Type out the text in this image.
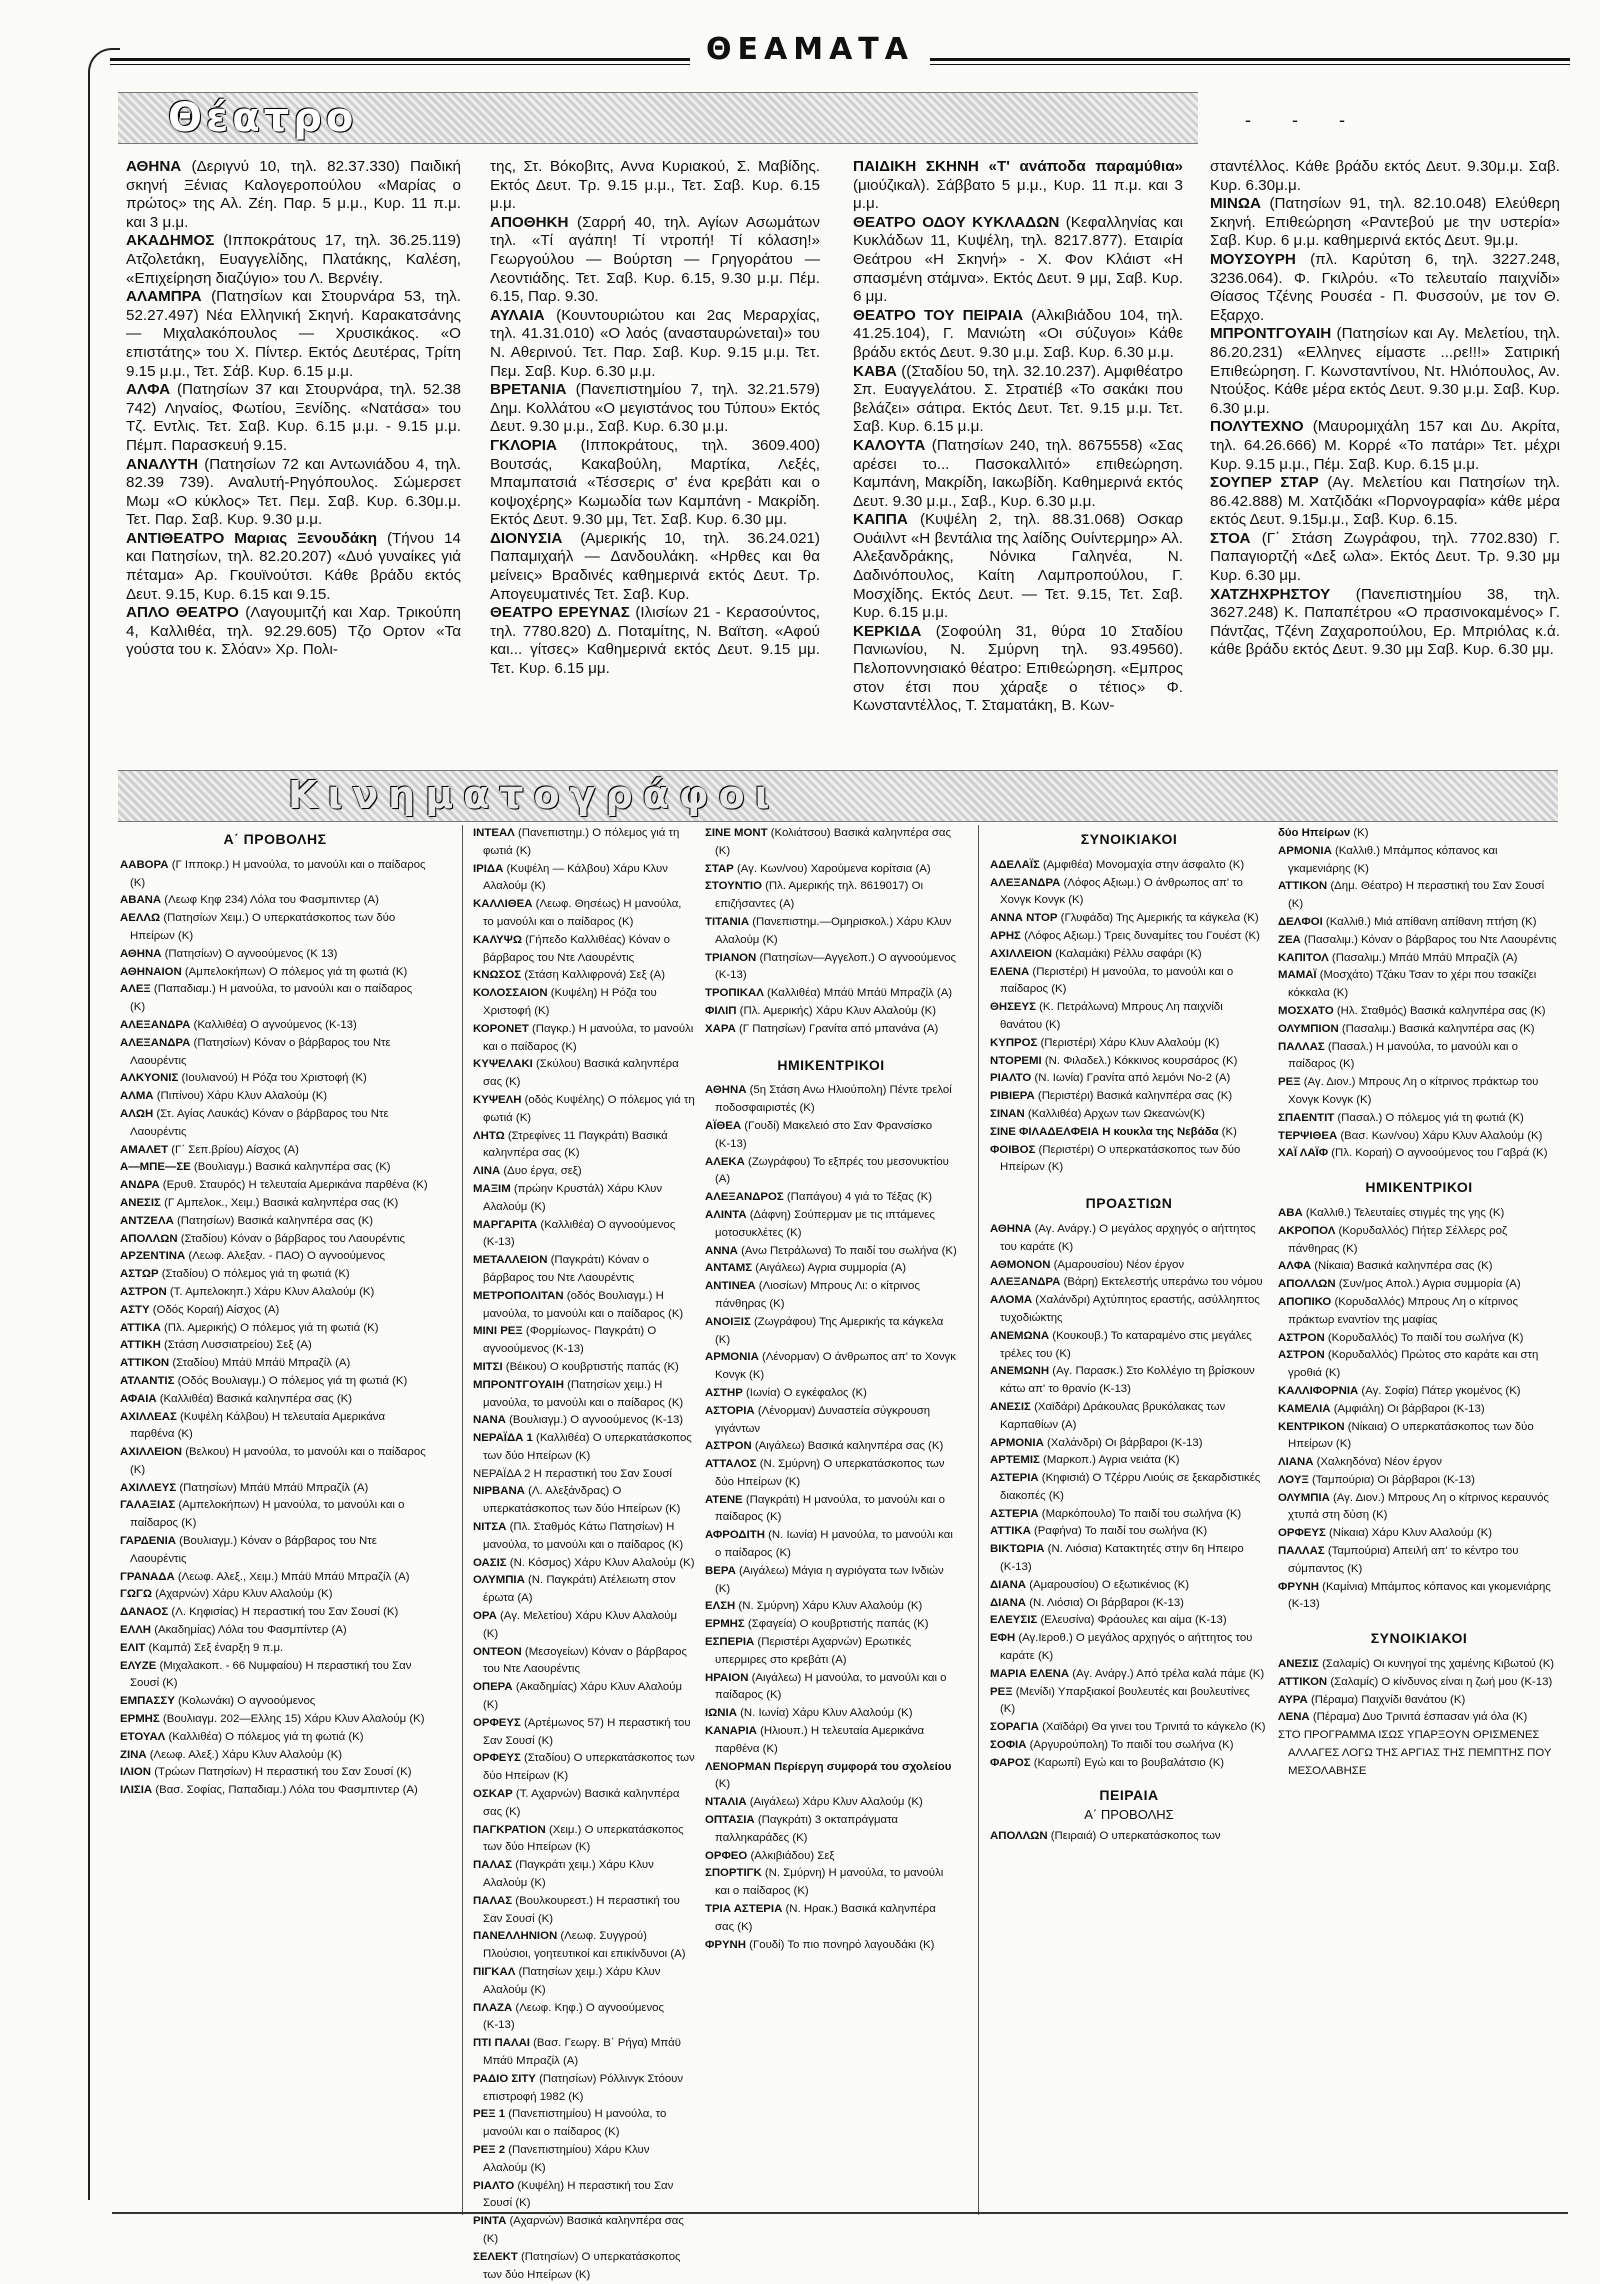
ΘΕΑΜΑΤΑ
Θέατρο	- - -

ΑΘΗΝΑ (Δεριγνύ 10, τηλ. 82.37.330) Παιδική σκηνή Ξένιας Καλογεροπούλου «Μαρίας ο πρώτος» της Αλ. Ζέη. Παρ. 5 μ.μ., Κυρ. 11 π.μ. και 3 μ.μ.

ΑΚΑΔΗΜΟΣ (Ιπποκράτους 17, τηλ. 36.25.119) Ατζολετάκη, Ευαγγελίδης, Πλατάκης, Καλέση, «Επιχείρηση διαζύγιο» του Λ. Βερνέιγ.

ΑΛΑΜΠΡΑ (Πατησίων και Στουρνάρα 53, τηλ. 52.27.497) Νέα Ελληνική Σκηνή. Καρακατσάνης — Μιχαλακόπουλος — Χρυσικάκος. «Ο επιστάτης» του Χ. Πίντερ. Εκτός Δευτέρας, Τρίτη 9.15 μ.μ., Τετ. Σάβ. Κυρ. 6.15 μ.μ.

ΑΛΦΑ (Πατησίων 37 και Στουρνάρα, τηλ. 52.38 742) Ληναίος, Φωτίου, Ξενίδης. «Νατάσα» του Τζ. Εντλις. Τετ. Σαβ. Κυρ. 6.15 μ.μ. - 9.15 μ.μ. Πέμπ. Παρασκευή 9.15.

ΑΝΑΛΥΤΗ (Πατησίων 72 και Αντωνιάδου 4, τηλ. 82.39 739). Αναλυτή-Ρηγόπουλος. Σώμερσετ Μωμ «Ο κύκλος» Τετ. Πεμ. Σαβ. Κυρ. 6.30μ.μ. Τετ. Παρ. Σαβ. Κυρ. 9.30 μ.μ.

ΑΝΤΙΘΕΑΤΡΟ Μαριας Ξενουδάκη (Τήνου 14 και Πατησίων, τηλ. 82.20.207) «Δυό γυναίκες γιά πέταμα» Αρ. Γκουϊνούτσι. Κάθε βράδυ εκτός Δευτ. 9.15, Κυρ. 6.15 και 9.15.

ΑΠΛΟ ΘΕΑΤΡΟ (Λαγουμιτζή και Χαρ. Τρικούπη 4, Καλλιθέα, τηλ. 92.29.605) Τζο Ορτον «Τα γούστα του κ. Σλόαν» Χρ. Πολι-

της, Στ. Βόκοβιτς, Αννα Κυριακού, Σ. Μαβίδης. Εκτός Δευτ. Τρ. 9.15 μ.μ., Τετ. Σαβ. Κυρ. 6.15 μ.μ.

ΑΠΟΘΗΚΗ (Σαρρή 40, τηλ. Αγίων Ασωμάτων τηλ. «Τί αγάπη! Τί ντροπή! Τί κόλαση!» Γεωργούλου — Βούρτση — Γρηγοράτου — Λεοντιάδης. Τετ. Σαβ. Κυρ. 6.15, 9.30 μ.μ. Πέμ. 6.15, Παρ. 9.30.

ΑΥΛΑΙΑ (Κουντουριώτου και 2ας Μεραρχίας, τηλ. 41.31.010) «Ο λαός (ανασταυρώνεται)» του Ν. Αθερινού. Τετ. Παρ. Σαβ. Κυρ. 9.15 μ.μ. Τετ. Πεμ. Σαβ. Κυρ. 6.30 μ.μ.

ΒΡΕΤΑΝΙΑ (Πανεπιστημίου 7, τηλ. 32.21.579) Δημ. Κολλάτου «Ο μεγιστάνος του Τύπου» Εκτός Δευτ. 9.30 μ.μ., Σαβ. Κυρ. 6.30 μ.μ.

ΓΚΛΟΡΙΑ (Ιπποκράτους, τηλ. 3609.400) Βουτσάς, Κακαβούλη, Μαρτίκα, Λεξές, Μπαμπατσιά «Τέσσερις σ' ένα κρεβάτι και ο κοψοχέρης» Κωμωδία των Καμπάνη - Μακρίδη. Εκτός Δευτ. 9.30 μμ, Τετ. Σαβ. Κυρ. 6.30 μμ.

ΔΙΟΝΥΣΙΑ (Αμερικής 10, τηλ. 36.24.021) Παπαμιχαήλ — Δανδουλάκη. «Ηρθες και θα μείνεις» Βραδινές καθημερινά εκτός Δευτ. Τρ. Απογευματινές Τετ. Σαβ. Κυρ.

ΘΕΑΤΡΟ ΕΡΕΥΝΑΣ (Ιλισίων 21 - Κερασούντος, τηλ. 7780.820) Δ. Ποταμίτης, Ν. Βαϊτση. «Αφού και... γίτσες» Καθημερινά εκτός Δευτ. 9.15 μμ. Τετ. Κυρ. 6.15 μμ.

ΠΑΙΔΙΚΗ ΣΚΗΝΗ «Τ' ανάποδα παραμύθια» (μιούζικαλ). Σάββατο 5 μ.μ., Κυρ. 11 π.μ. και 3 μ.μ.

ΘΕΑΤΡΟ ΟΔΟΥ ΚΥΚΛΑΔΩΝ (Κεφαλληνίας και Κυκλάδων 11, Κυψέλη, τηλ. 8217.877). Εταιρία Θεάτρου «Η Σκηνή» - Χ. Φον Κλάιστ «Η σπασμένη στάμνα». Εκτός Δευτ. 9 μμ, Σαβ. Κυρ. 6 μμ.

ΘΕΑΤΡΟ ΤΟΥ ΠΕΙΡΑΙΑ (Αλκιβιάδου 104, τηλ. 41.25.104), Γ. Μανιώτη «Οι σύζυγοι» Κάθε βράδυ εκτός Δευτ. 9.30 μ.μ. Σαβ. Κυρ. 6.30 μ.μ.

ΚΑΒΑ ((Σταδίου 50, τηλ. 32.10.237). Αμφιθέατρο Σπ. Ευαγγελάτου. Σ. Στρατιέβ «Το σακάκι που βελάζει» σάτιρα. Εκτός Δευτ. Τετ. 9.15 μ.μ. Τετ. Σαβ. Κυρ. 6.15 μ.μ.

ΚΑΛΟΥΤΑ (Πατησίων 240, τηλ. 8675558) «Σας αρέσει το... Πασοκαλλιτό» επιθεώρηση. Καμπάνη, Μακρίδη, Ιακωβίδη. Καθημερινά εκτός Δευτ. 9.30 μ.μ., Σαβ., Κυρ. 6.30 μ.μ.

ΚΑΠΠΑ (Κυψέλη 2, τηλ. 88.31.068) Οσκαρ Ουάιλντ «Η βεντάλια της λαίδης Ουίντερμηρ» Αλ. Αλεξανδράκης, Νόνικα Γαληνέα, Ν. Δαδινόπουλος, Καίτη Λαμπροπούλου, Γ. Μοσχίδης. Εκτός Δευτ. — Τετ. 9.15, Τετ. Σαβ. Κυρ. 6.15 μ.μ.

ΚΕΡΚΙΔΑ (Σοφούλη 31, θύρα 10 Σταδίου Πανιωνίου, Ν. Σμύρνη τηλ. 93.49560). Πελοποννησιακό θέατρο: Επιθεώρηση. «Εμπρος στον έτσι που χάραξε ο τέτιος» Φ. Κωνσταντέλλος, Τ. Σταματάκη, Β. Κων-

σταντέλλος. Κάθε βράδυ εκτός Δευτ. 9.30μ.μ. Σαβ. Κυρ. 6.30μ.μ.

ΜΙΝΩΑ (Πατησίων 91, τηλ. 82.10.048) Ελεύθερη Σκηνή. Επιθεώρηση «Ραντεβού με την υστερία» Σαβ. Κυρ. 6 μ.μ. καθημερινά εκτός Δευτ. 9μ.μ.

ΜΟΥΣΟΥΡΗ (πλ. Καρύτση 6, τηλ. 3227.248, 3236.064). Φ. Γκιλρόυ. «Το τελευταίο παιχνίδι» Θίασος Τζένης Ρουσέα - Π. Φυσσούν, με τον Θ. Εξαρχο.

ΜΠΡΟΝΤΓΟΥΑΙΗ (Πατησίων και Αγ. Μελετίου, τηλ. 86.20.231) «Ελληνες είμαστε ...ρε!!!» Σατιρική Επιθεώρηση. Γ. Κωνσταντίνου, Ντ. Ηλιόπουλος, Αν. Ντούξος. Κάθε μέρα εκτός Δευτ. 9.30 μ.μ. Σαβ. Κυρ. 6.30 μ.μ.

ΠΟΛΥΤΕΧΝΟ (Μαυρομιχάλη 157 και Δυ. Ακρίτα, τηλ. 64.26.666) Μ. Κορρέ «Το πατάρι» Τετ. μέχρι Κυρ. 9.15 μ.μ., Πέμ. Σαβ. Κυρ. 6.15 μ.μ.

ΣΟΥΠΕΡ ΣΤΑΡ (Αγ. Μελετίου και Πατησίων τηλ. 86.42.888) Μ. Χατζιδάκι «Πορνογραφία» κάθε μέρα εκτός Δευτ. 9.15μ.μ., Σαβ. Κυρ. 6.15.

ΣΤΟΑ (Γ΄ Στάση Ζωγράφου, τηλ. 7702.830) Γ. Παπαγιορτζή «Δεξ ωλα». Εκτός Δευτ. Τρ. 9.30 μμ Κυρ. 6.30 μμ.

ΧΑΤΖΗΧΡΗΣΤΟΥ (Πανεπιστημίου 38, τηλ. 3627.248) Κ. Παπαπέτρου «Ο πρασινοκαμένος» Γ. Πάντζας, Τζένη Ζαχαροπούλου, Ερ. Μπριόλας κ.ά. κάθε βράδυ εκτός Δευτ. 9.30 μμ Σαβ. Κυρ. 6.30 μμ.

Κινηματογράφοι

Α΄ ΠΡΟΒΟΛΗΣ

ΑΑΒΟΡΑ (Γ Ιπποκρ.) Η μανούλα, το μανούλι και ο παίδαρος (Κ)

ΑΒΑΝΑ (Λεωφ Κηφ 234) Λόλα του Φασμπιντερ (Α)

ΑΕΛΛΩ (Πατησίων Χειμ.) Ο υπερκατάσκοπος των δύο Ηπείρων (Κ)

ΑΘΗΝΑ (Πατησίων) Ο αγνοούμενος (Κ 13)

ΑΘΗΝΑΙΟΝ (Αμπελοκήπων) Ο πόλεμος γιά τη φωτιά (Κ)

ΑΛΕΞ (Παπαδιαμ.) Η μανούλα, το μανούλι και ο παίδαρος (Κ)

ΑΛΕΞΑΝΔΡΑ (Καλλιθέα) Ο αγνούμενος (Κ-13)

ΑΛΕΞΑΝΔΡΑ (Πατησίων) Κόναν ο βάρβαρος του Ντε Λαουρέντις

ΑΛΚΥΟΝΙΣ (Ιουλιανού) Η Ρόζα του Χριστοφή (Κ)

ΑΛΜΑ (Πιπίνου) Χάρυ Κλυν Αλαλούμ (Κ)

ΑΛΩΗ (Στ. Αγίας Λαυκάς) Κόναν ο βάρβαρος του Ντε Λαουρέντις

ΑΜΑΛΕΤ (Γ΄ Σεπ.βρίου) Αίσχος (Α)

Α—ΜΠΕ—ΣΕ (Βουλιαγμ.) Βασικά καληνπέρα σας (Κ)

ΑΝΔΡΑ (Ερυθ. Σταυρός) Η τελευταία Αμερικάνα παρθένα (Κ)

ΑΝΕΣΙΣ (Γ Αμπελοκ., Χειμ.) Βασικά καληνπέρα σας (Κ)

ΑΝΤΖΕΛΑ (Πατησίων) Βασικά καληνπέρα σας (Κ)

ΑΠΟΛΛΩΝ (Σταδίου) Κόναν ο βάρβαρος του Λαουρέντις

ΑΡΖΕΝΤΙΝΑ (Λεωφ. Αλεξαν. - ΠΑΟ) Ο αγνοούμενος

ΑΣΤΩΡ (Σταδίου) Ο πόλεμος γιά τη φωτιά (Κ)

ΑΣΤΡΟΝ (Τ. Αμπελοκηπ.) Χάρυ Κλυν Αλαλούμ (Κ)

ΑΣΤΥ (Οδός Κοραή) Αίσχος (Α)

ΑΤΤΙΚΑ (Πλ. Αμερικής) Ο πόλεμος γιά τη φωτιά (Κ)

ΑΤΤΙΚΗ (Στάση Λυσσιατρείου) Σεξ (Α)

ΑΤΤΙΚΟΝ (Σταδίου) Μπάϋ Μπάϋ Μπραζίλ (Α)

ΑΤΛΑΝΤΙΣ (Οδός Βουλιαγμ.) Ο πόλεμος γιά τη φωτιά (Κ)

ΑΦΑΙΑ (Καλλιθέα) Βασικά καληνπέρα σας (Κ)

ΑΧΙΛΛΕΑΣ (Κυψέλη Κάλβου) Η τελευταία Αμερικάνα παρθένα (Κ)

ΑΧΙΛΛΕΙΟΝ (Βελκου) Η μανούλα, το μανούλι και ο παίδαρος (Κ)

ΑΧΙΛΛΕΥΣ (Πατησίων) Μπάϋ Μπάϋ Μπραζίλ (Α)

ΓΑΛΑΞΙΑΣ (Αμπελοκήπων) Η μανούλα, το μανούλι και ο παίδαρος (Κ)

ΓΑΡΔΕΝΙΑ (Βουλιαγμ.) Κόναν ο βάρβαρος του Ντε Λαουρέντις

ΓΡΑΝΑΔΑ (Λεωφ. Αλεξ., Χειμ.) Μπάϋ Μπάϋ Μπραζίλ (Α)

ΓΩΓΩ (Αχαρνών) Χάρυ Κλυν Αλαλούμ (Κ)

ΔΑΝΑΟΣ (Λ. Κηφισίας) Η περαστική του Σαν Σουσί (Κ)

ΕΛΛΗ (Ακαδημίας) Λόλα του Φασμπίντερ (Α)

ΕΛΙΤ (Καμπά) Σεξ έναρξη 9 π.μ.

ΕΛΥΖΕ (Μιχαλακοπ. - 66 Νυμφαίου) Η περαστική του Σαν Σουσί (Κ)

ΕΜΠΑΣΣΥ (Κολωνάκι) Ο αγνοούμενος

ΕΡΜΗΣ (Βουλιαγμ. 202—Ελλης 15) Χάρυ Κλυν Αλαλούμ (Κ)

ΕΤΟΥΑΛ (Καλλιθέα) Ο πόλεμος γιά τη φωτιά (Κ)

ΖΙΝΑ (Λεωφ. Αλεξ.) Χάρυ Κλυν Αλαλούμ (Κ)

ΙΛΙΟΝ (Τρώων Πατησίων) Η περαστική του Σαν Σουσί (Κ)

ΙΛΙΣΙΑ (Βασ. Σοφίας, Παπαδιαμ.) Λόλα του Φασμπιντερ (Α)

ΙΝΤΕΑΛ (Πανεπιστημ.) Ο πόλεμος γιά τη φωτιά (Κ)

ΙΡΙΔΑ (Κυψέλη — Κάλβου) Χάρυ Κλυν Αλαλούμ (Κ)

ΚΑΛΛΙΘΕΑ (Λεωφ. Θησέως) Η μανούλα, το μανούλι και ο παίδαρος (Κ)

ΚΑΛΥΨΩ (Γήπεδο Καλλιθέας) Κόναν ο βάρβαρος του Ντε Λαουρέντις

ΚΝΩΣΟΣ (Στάση Καλλιφρονά) Σεξ (Α)

ΚΟΛΟΣΣΑΙΟΝ (Κυψέλη) Η Ρόζα του Χριστοφή (Κ)

ΚΟΡΟΝΕΤ (Παγκρ.) Η μανούλα, το μανούλι και ο παίδαρος (Κ)

ΚΥΨΕΛΑΚΙ (Σκύλου) Βασικά καληνπέρα σας (Κ)

ΚΥΨΕΛΗ (οδός Κυψέλης) Ο πόλεμος γιά τη φωτιά (Κ)

ΛΗΤΩ (Στρεφίνες 11 Παγκράτι) Βασικά καληνπέρα σας (Κ)

ΛΙΝΑ (Δυο έργα, σεξ)

ΜΑΞΙΜ (πρώην Κρυστάλ) Χάρυ Κλυν Αλαλούμ (Κ)

ΜΑΡΓΑΡΙΤΑ (Καλλιθέα) Ο αγνοούμενος (Κ-13)

ΜΕΤΑΛΛΕΙΟΝ (Παγκράτι) Κόναν ο βάρβαρος του Ντε Λαουρέντις

ΜΕΤΡΟΠΟΛΙΤΑΝ (οδός Βουλιαγμ.) Η μανούλα, το μανούλι και ο παίδαρος (Κ)

ΜΙΝΙ ΡΕΞ (Φορμίωνος- Παγκράτι) Ο αγνοούμενος (Κ-13)

ΜΙΤΣΙ (Βέικου) Ο κουβρτιστής παπάς (Κ)

ΜΠΡΟΝΤΓΟΥΑΙΗ (Πατησίων χειμ.) Η μανούλα, το μανούλι και ο παίδαρος (Κ)

ΝΑΝΑ (Βουλιαγμ.) Ο αγνοούμενος (Κ-13)

ΝΕΡΑΪΔΑ 1 (Καλλιθέα) Ο υπερκατάσκοπος των δύο Ηπείρων (Κ)

ΝΕΡΑΪΔΑ 2 Η περαστική του Σαν Σουσί

ΝΙΡΒΑΝΑ (Λ. Αλεξάνδρας) Ο υπερκατάσκοπος των δύο Ηπείρων (Κ)

ΝΙΤΣΑ (Πλ. Σταθμός Κάτω Πατησίων) Η μανούλα, το μανούλι και ο παίδαρος (Κ)

ΟΑΣΙΣ (Ν. Κόσμος) Χάρυ Κλυν Αλαλούμ (Κ)

ΟΛΥΜΠΙΑ (Ν. Παγκράτι) Ατέλειωτη στον έρωτα (Α)

ΟΡΑ (Αγ. Μελετίου) Χάρυ Κλυν Αλαλούμ (Κ)

ΟΝΤΕΟΝ (Μεσογείων) Κόναν ο βάρβαρος του Ντε Λαουρέντις

ΟΠΕΡΑ (Ακαδημίας) Χάρυ Κλυν Αλαλούμ (Κ)

ΟΡΦΕΥΣ (Αρτέμωνος 57) Η περαστική του Σαν Σουσί (Κ)

ΟΡΦΕΥΣ (Σταδίου) Ο υπερκατάσκοπος των δύο Ηπείρων (Κ)

ΟΣΚΑΡ (Τ. Αχαρνών) Βασικά καληνπέρα σας (Κ)

ΠΑΓΚΡΑΤΙΟΝ (Χειμ.) Ο υπερκατάσκοπος των δύο Ηπείρων (Κ)

ΠΑΛΑΣ (Παγκράτι χειμ.) Χάρυ Κλυν Αλαλούμ (Κ)

ΠΑΛΑΣ (Βουλκουρεστ.) Η περαστική του Σαν Σουσί (Κ)

ΠΑΝΕΛΛΗΝΙΟΝ (Λεωφ. Συγγρού) Πλούσιοι, γοητευτικοί και επικίνδυνοι (Α)

ΠΙΓΚΑΛ (Πατησίων χειμ.) Χάρυ Κλυν Αλαλούμ (Κ)

ΠΛΑΖΑ (Λεωφ. Κηφ.) Ο αγνοούμενος (Κ-13)

ΠΤΙ ΠΑΛΑΙ (Βασ. Γεωργ. Β΄ Ρήγα) Μπάϋ Μπάϋ Μπραζίλ (Α)

ΡΑΔΙΟ ΣΙΤΥ (Πατησίων) Ρόλλινγκ Στόουν επιστροφή 1982 (Κ)

ΡΕΞ 1 (Πανεπιστημίου) Η μανούλα, το μανούλι και ο παίδαρος (Κ)

ΡΕΞ 2 (Πανεπιστημίου) Χάρυ Κλυν Αλαλούμ (Κ)

ΡΙΑΛΤΟ (Κυψέλη) Η περαστική του Σαν Σουσί (Κ)

ΡΙΝΤΑ (Αχαρνών) Βασικά καληνπέρα σας (Κ)

ΣΕΛΕΚΤ (Πατησίων) Ο υπερκατάσκοπος των δύο Ηπείρων (Κ)

ΣΙΝΕ ΜΟΝΤ (Κολιάτσου) Βασικά καληνπέρα σας (Κ)

ΣΤΑΡ (Αγ. Κων/νου) Χαρούμενα κορίτσια (Α)

ΣΤΟΥΝΤΙΟ (Πλ. Αμερικής τηλ. 8619017) Οι επιζήσαντες (Α)

ΤΙΤΑΝΙΑ (Πανεπιστημ.—Ομηρισκολ.) Χάρυ Κλυν Αλαλούμ (Κ)

ΤΡΙΑΝΟΝ (Πατησίων—Αγγελοπ.) Ο αγνοούμενος (Κ-13)

ΤΡΟΠΙΚΑΛ (Καλλιθέα) Μπάϋ Μπάϋ Μπραζίλ (Α)

ΦΙΛΙΠ (Πλ. Αμερικής) Χάρυ Κλυν Αλαλούμ (Κ)

ΧΑΡΑ (Γ Πατησίων) Γρανίτα από μπανάνα (Α)

ΗΜΙΚΕΝΤΡΙΚΟΙ

ΑΘΗΝΑ (5η Στάση Ανω Ηλιούπολη) Πέντε τρελοί ποδοσφαιριστές (Κ)

ΑΪΘΕΑ (Γουδί) Μακελειό στο Σαν Φρανσίσκο (Κ-13)

ΑΛΕΚΑ (Ζωγράφου) Το εξπρές του μεσονυκτίου (Α)

ΑΛΕΞΑΝΔΡΟΣ (Παπάγου) 4 γιά το Τέξας (Κ)

ΑΛΙΝΤΑ (Δάφνη) Σούπερμαν με τις ιπτάμενες μοτοσυκλέτες (Κ)

ΑΝΝΑ (Ανω Πετράλωνα) Το παιδί του σωλήνα (Κ)

ΑΝΤΑΜΣ (Αιγάλεω) Αγρια συμμορία (Α)

ΑΝΤΙΝΕΑ (Λιοσίων) Μπρους Λι: ο κίτρινος πάνθηρας (Κ)

ΑΝΟΙΞΙΣ (Ζωγράφου) Της Αμερικής τα κάγκελα (Κ)

ΑΡΜΟΝΙΑ (Λένορμαν) Ο άνθρωπος απ' το Χονγκ Κονγκ (Κ)

ΑΣΤΗΡ (Ιωνία) Ο εγκέφαλος (Κ)

ΑΣΤΟΡΙΑ (Λένορμαν) Δυναστεία σύγκρουση γιγάντων

ΑΣΤΡΟΝ (Αιγάλεω) Βασικά καληνπέρα σας (Κ)

ΑΤΤΑΛΟΣ (Ν. Σμύρνη) Ο υπερκατάσκοπος των δύο Ηπείρων (Κ)

ΑΤΕΝΕ (Παγκράτι) Η μανούλα, το μανούλι και ο παίδαρος (Κ)

ΑΦΡΟΔΙΤΗ (Ν. Ιωνία) Η μανούλα, το μανούλι και ο παίδαρος (Κ)

ΒΕΡΑ (Αιγάλεω) Μάγια η αγριόγατα των Ινδιών (Κ)

ΕΛΣΗ (Ν. Σμύρνη) Χάρυ Κλυν Αλαλούμ (Κ)

ΕΡΜΗΣ (Σφαγεία) Ο κουβρτιστής παπάς (Κ)

ΕΣΠΕΡΙΑ (Περιστέρι Αχαρνών) Ερωτικές υπερμιρες στο κρεβάτι (Α)

ΗΡΑΙΟΝ (Αιγάλεω) Η μανούλα, το μανούλι και ο παίδαρος (Κ)

ΙΩΝΙΑ (Ν. Ιωνία) Χάρυ Κλυν Αλαλούμ (Κ)

ΚΑΝΑΡΙΑ (Ηλιουπ.) Η τελευταία Αμερικάνα παρθένα (Κ)

ΛΕΝΟΡΜΑΝ Περίεργη συμφορά του σχολείου (Κ)

ΝΤΑΛΙΑ (Αιγάλεω) Χάρυ Κλυν Αλαλούμ (Κ)

ΟΠΤΑΣΙΑ (Παγκράτι) 3 οκταπράγματα παλληκαράδες (Κ)

ΟΡΦΕΟ (Αλκιβιάδου) Σεξ

ΣΠΟΡΤΙΓΚ (Ν. Σμύρνη) Η μανούλα, το μανούλι και ο παίδαρος (Κ)

ΤΡΙΑ ΑΣΤΕΡΙΑ (Ν. Ηρακ.) Βασικά καληνπέρα σας (Κ)

ΦΡΥΝΗ (Γουδί) Το πιο πονηρό λαγουδάκι (Κ)

ΣΥΝΟΙΚΙΑΚΟΙ

ΑΔΕΛΑΪΣ (Αμφιθέα) Μονομαχία στην άσφαλτο (Κ)

ΑΛΕΞΑΝΔΡΑ (Λόφος Αξιωμ.) Ο άνθρωπος απ' το Χονγκ Κονγκ (Κ)

ΑΝΝΑ ΝΤΟΡ (Γλυφάδα) Της Αμερικής τα κάγκελα (Κ)

ΑΡΗΣ (Λόφος Αξιωμ.) Τρεις δυναμίτες του Γουέστ (Κ)

ΑΧΙΛΛΕΙΟΝ (Καλαμάκι) Ρέλλυ σαφάρι (Κ)

ΕΛΕΝΑ (Περιστέρι) Η μανούλα, το μανούλι και ο παίδαρος (Κ)

ΘΗΣΕΥΣ (Κ. Πετράλωνα) Μπρους Λη παιχνίδι θανάτου (Κ)

ΚΥΠΡΟΣ (Περιστέρι) Χάρυ Κλυν Αλαλούμ (Κ)

ΝΤΟΡΕΜΙ (Ν. Φιλαδελ.) Κόκκινος κουρσάρος (Κ)

ΡΙΑΛΤΟ (Ν. Ιωνία) Γρανίτα από λεμόνι Νο-2 (Α)

ΡΙΒΙΕΡΑ (Περιστέρι) Βασικά καληνπέρα σας (Κ)

ΣΙΝΑΝ (Καλλιθέα) Αρχων των Ωκεανών(Κ)

ΣΙΝΕ ΦΙΛΑΔΕΛΦΕΙΑ Η κουκλα της Νεβάδα (Κ)

ΦΟΙΒΟΣ (Περιστέρι) Ο υπερκατάσκοπος των δύο Ηπείρων (Κ)

ΠΡΟΑΣΤΙΩΝ

ΑΘΗΝΑ (Αγ. Ανάργ.) Ο μεγάλος αρχηγός ο αήττητος του καράτε (Κ)

ΑΘΜΟΝΟΝ (Αμαρουσίου) Νέον έργον

ΑΛΕΞΑΝΔΡΑ (Βάρη) Εκτελεστής υπεράνω του νόμου

ΑΛΟΜΑ (Χαλάνδρι) Αχτύπητος εραστής, ασύλληπτος τυχοδιώκτης

ΑΝΕΜΩΝΑ (Κουκουβ.) Το καταραμένο στις μεγάλες τρέλες του (Κ)

ΑΝΕΜΩΝΗ (Αγ. Παρασκ.) Στο Κολλέγιο τη βρίσκουν κάτω απ' το θρανίο (Κ-13)

ΑΝΕΣΙΣ (Χαϊδάρι) Δράκουλας βρυκόλακας των Καρπαθίων (Α)

ΑΡΜΟΝΙΑ (Χαλάνδρι) Οι βάρβαροι (Κ-13)

ΑΡΤΕΜΙΣ (Μαρκοπ.) Αγρια νειάτα (Κ)

ΑΣΤΕΡΙΑ (Κηφισιά) Ο Τζέρρυ Λιούις σε ξεκαρδιστικές διακοπές (Κ)

ΑΣΤΕΡΙΑ (Μαρκόπουλο) Το παιδί του σωλήνα (Κ)

ΑΤΤΙΚΑ (Ραφήνα) Το παιδί του σωλήνα (Κ)

ΒΙΚΤΩΡΙΑ (Ν. Λιόσια) Κατακτητές στην 6η Ηπειρο (Κ-13)

ΔΙΑΝΑ (Αμαρουσίου) Ο εξωτικένιος (Κ)

ΔΙΑΝΑ (Ν. Λιόσια) Οι βάρβαροι (Κ-13)

ΕΛΕΥΣΙΣ (Ελευσίνα) Φράουλες και αίμα (Κ-13)

ΕΦΗ (Αγ.Ιεροθ.) Ο μεγάλος αρχηγός ο αήττητος του καράτε (Κ)

ΜΑΡΙΑ ΕΛΕΝΑ (Αγ. Ανάργ.) Από τρέλα καλά πάμε (Κ)

ΡΕΞ (Μενίδι) Υπαρξιακοί βουλευτές και βουλευτίνες (Κ)

ΣΟΡΑΓΙΑ (Χαϊδάρι) Θα γινει του Τρινιτά το κάγκελο (Κ)

ΣΟΦΙΑ (Αργυρούπολη) Το παιδί του σωλήνα (Κ)

ΦΑΡΟΣ (Καρωπί) Εγώ και το βουβαλάτσιο (Κ)

ΠΕΙΡΑΙΑ

Α΄ ΠΡΟΒΟΛΗΣ

ΑΠΟΛΛΩΝ (Πειραιά) Ο υπερκατάσκοπος των

δύο Ηπείρων (Κ)

ΑΡΜΟΝΙΑ (Καλλιθ.) Μπάμπος κόπανος και γκαμενιάρης (Κ)

ΑΤΤΙΚΟΝ (Δημ. Θέατρο) Η περαστική του Σαν Σουσί (Κ)

ΔΕΛΦΟΙ (Καλλιθ.) Μιά απίθανη απίθανη πτήση (Κ)

ΖΕΑ (Πασαλιμ.) Κόναν ο βάρβαρος του Ντε Λαουρέντις

ΚΑΠΙΤΟΛ (Πασαλιμ.) Μπάϋ Μπάϋ Μπραζίλ (Α)

ΜΑΜΑΪ (Μοσχάτο) Τζάκυ Τσαν το χέρι που τσακίζει κόκκαλα (Κ)

ΜΟΣΧΑΤΟ (Ηλ. Σταθμός) Βασικά καληνπέρα σας (Κ)

ΟΛΥΜΠΙΟΝ (Πασαλιμ.) Βασικά καληνπέρα σας (Κ)

ΠΑΛΛΑΣ (Πασαλ.) Η μανούλα, το μανούλι και ο παίδαρος (Κ)

ΡΕΞ (Αγ. Διον.) Μπρους Λη ο κίτρινος πράκτωρ του Χονγκ Κονγκ (Κ)

ΣΠΑΕΝΤΙΤ (Πασαλ.) Ο πόλεμος γιά τη φωτιά (Κ)

ΤΕΡΨΙΘΕΑ (Βασ. Κων/νου) Χάρυ Κλυν Αλαλούμ (Κ)

ΧΑΪ ΛΑΪΦ (Πλ. Κοραή) Ο αγνοούμενος του Γαβρά (Κ)

ΗΜΙΚΕΝΤΡΙΚΟΙ

ΑΒΑ (Καλλιθ.) Τελευταίες στιγμές της γης (Κ)

ΑΚΡΟΠΟΛ (Κορυδαλλός) Πήτερ Σέλλερς ροζ πάνθηρας (Κ)

ΑΛΦΑ (Νίκαια) Βασικά καληνπέρα σας (Κ)

ΑΠΟΛΛΩΝ (Συν/μος Απολ.) Αγρια συμμορία (Α)

ΑΠΟΠΙΚΟ (Κορυδαλλός) Μπρους Λη ο κίτρινος πράκτωρ εναντίον της μαφίας

ΑΣΤΡΟΝ (Κορυδαλλός) Το παιδί του σωλήνα (Κ)

ΑΣΤΡΟΝ (Κορυδαλλός) Πρώτος στο καράτε και στη γροθιά (Κ)

ΚΑΛΛΙΦΟΡΝΙΑ (Αγ. Σοφία) Πάτερ γκομένος (Κ)

ΚΑΜΕΛΙΑ (Αμφιάλη) Οι βάρβαροι (Κ-13)

ΚΕΝΤΡΙΚΟΝ (Νίκαια) Ο υπερκατάσκοπος των δύο Ηπείρων (Κ)

ΛΙΑΝΑ (Χαλκηδόνα) Νέον έργον

ΛΟΥΞ (Ταμπούρια) Οι βάρβαροι (Κ-13)

ΟΛΥΜΠΙΑ (Αγ. Διον.) Μπρους Λη ο κίτρινος κεραυνός χτυπά στη δύση (Κ)

ΟΡΦΕΥΣ (Νίκαια) Χάρυ Κλυν Αλαλούμ (Κ)

ΠΑΛΛΑΣ (Ταμπούρια) Απειλή απ' το κέντρο του σύμπαντος (Κ)

ΦΡΥΝΗ (Καμίνια) Μπάμπος κόπανος και γκομενιάρης (Κ-13)

ΣΥΝΟΙΚΙΑΚΟΙ

ΑΝΕΣΙΣ (Σαλαμίς) Οι κυνηγοί της χαμένης Κιβωτού (Κ)

ΑΤΤΙΚΟΝ (Σαλαμίς) Ο κίνδυνος είναι η ζωή μου (Κ-13)

ΑΥΡΑ (Πέραμα) Παιχνίδι θανάτου (Κ)

ΛΕΝΑ (Πέραμα) Δυο Τρινιτά έσπασαν γιά όλα (Κ)

ΣΤΟ ΠΡΟΓΡΑΜΜΑ ΙΣΩΣ ΥΠΑΡΞΟΥΝ ΟΡΙΣΜΕΝΕΣ ΑΛΛΑΓΕΣ ΛΟΓΩ ΤΗΣ ΑΡΓΙΑΣ ΤΗΣ ΠΕΜΠΤΗΣ ΠΟΥ ΜΕΣΟΛΑΒΗΣΕ
